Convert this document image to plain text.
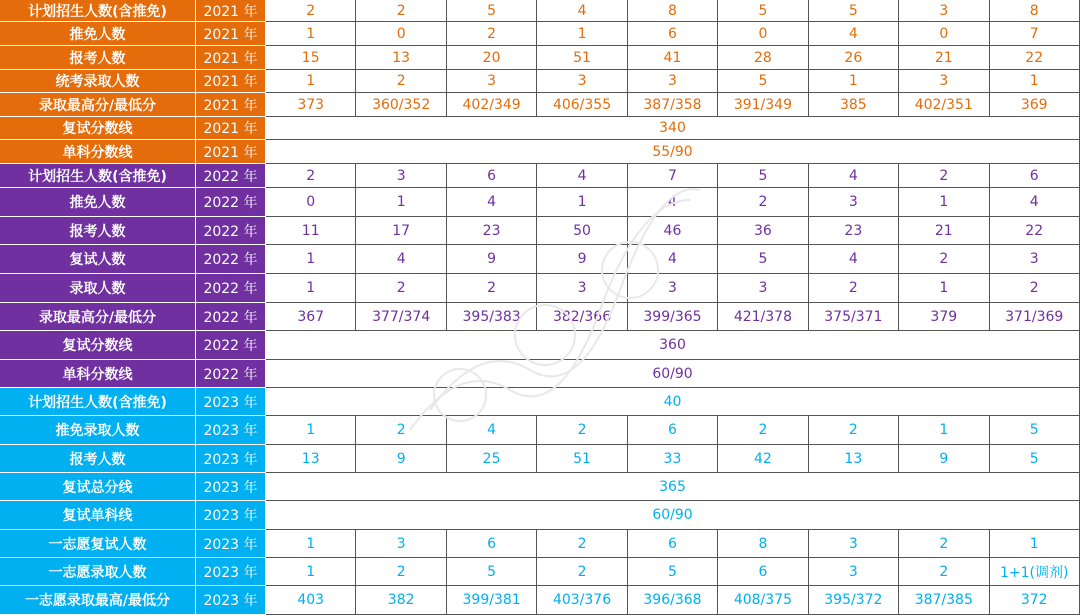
计划招生人数(含推免)	2021 年	2	2	5	4	8	5	5	3	8
推免人数	2021 年	1	0	2	1	6	0	4	0	7
报考人数	2021 年	15	13	20	51	41	28	26	21	22
统考录取人数	2021 年	1	2	3	3	3	5	1	3	1
录取最高分/最低分	2021 年	373	360/352	402/349	406/355	387/358	391/349	385	402/351	369
复试分数线	2021 年	340
单科分数线	2021 年	55/90
计划招生人数(含推免)	2022 年	2	3	6	4	7	5	4	2	6
推免人数	2022 年	0	1	4	1	4	2	3	1	4
报考人数	2022 年	11	17	23	50	46	36	23	21	22
复试人数	2022 年	1	4	9	9	4	5	4	2	3
录取人数	2022 年	1	2	2	3	3	3	2	1	2
录取最高分/最低分	2022 年	367	377/374	395/383	382/366	399/365	421/378	375/371	379	371/369
复试分数线	2022 年	360
单科分数线	2022 年	60/90
计划招生人数(含推免)	2023 年	40
推免录取人数	2023 年	1	2	4	2	6	2	2	1	5
报考人数	2023 年	13	9	25	51	33	42	13	9	5
复试总分线	2023 年	365
复试单科线	2023 年	60/90
一志愿复试人数	2023 年	1	3	6	2	6	8	3	2	1
一志愿录取人数	2023 年	1	2	5	2	5	6	3	2	1+1(调剂)
一志愿录取最高/最低分	2023 年	403	382	399/381	403/376	396/368	408/375	395/372	387/385	372
